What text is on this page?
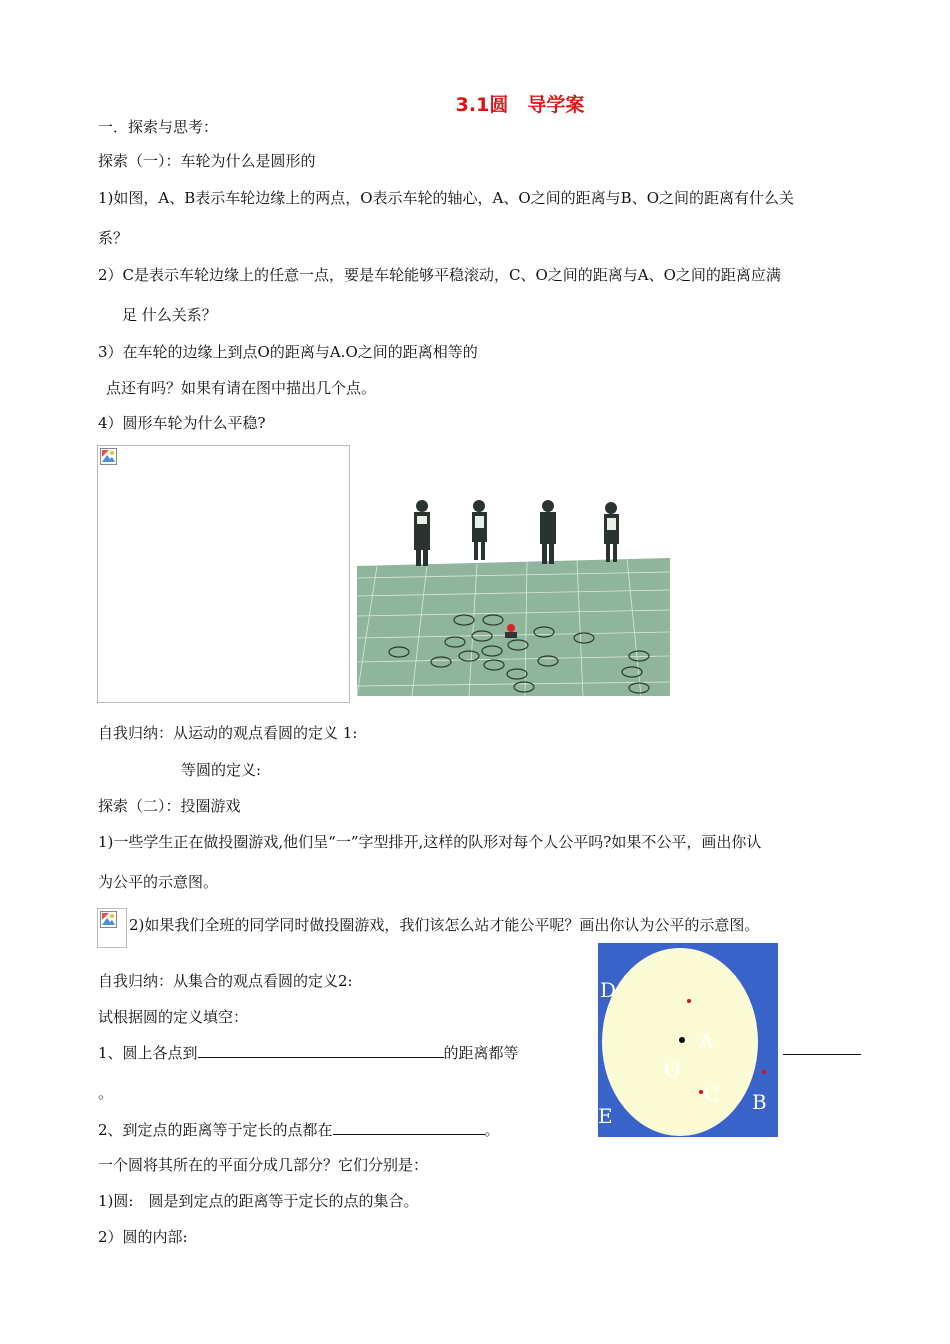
3.1圆　导学案
一．探索与思考：
探索（一）：车轮为什么是圆形的
1)如图，A、B表示车轮边缘上的两点，O表示车轮的轴心，A、O之间的距离与B、O之间的距离有什么关
系？
2）C是表示车轮边缘上的任意一点，要是车轮能够平稳滚动，C、O之间的距离与A、O之间的距离应满
足 什么关系？
3）在车轮的边缘上到点O的距离与A.O之间的距离相等的
点还有吗？如果有请在图中描出几个点。
4）圆形车轮为什么平稳?
自我归纳：从运动的观点看圆的定义 1:
等圆的定义:
探索（二）：投圈游戏
1)一些学生正在做投圈游戏,他们呈“一”字型排开,这样的队形对每个人公平吗?如果不公平，画出你认
为公平的示意图。
2)如果我们全班的同学同时做投圈游戏，我们该怎么站才能公平呢？画出你认为公平的示意图。
自我归纳：从集合的观点看圆的定义2:
试根据圆的定义填空：
1、圆上各点到	的距离都等
。
2、到定点的距离等于定长的点都在	。
一个圆将其所在的平面分成几部分？它们分别是：
1)圆:　圆是到定点的距离等于定长的点的集合。
2）圆的内部:
D
A
O
C B
E
